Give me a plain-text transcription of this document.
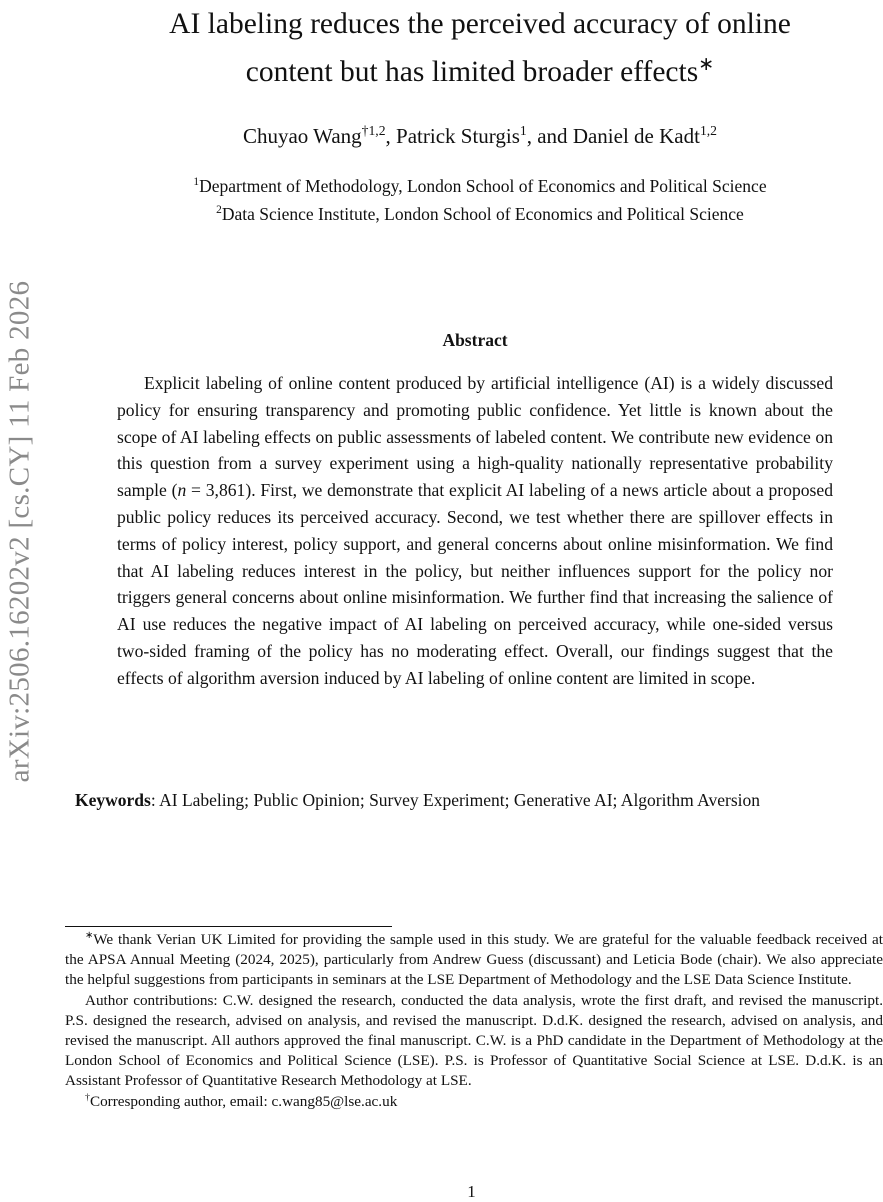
arXiv:2506.16202v2 [cs.CY] 11 Feb 2026
AI labeling reduces the perceived accuracy of online
content but has limited broader effects∗
Chuyao Wang$^{\dagger 1,2}$, Patrick Sturgis$^1$, and Daniel de Kadt$^{1,2}$
$^1$Department of Methodology, London School of Economics and Political Science
$^2$Data Science Institute, London School of Economics and Political Science
Abstract

Explicit labeling of online content produced by artificial intelligence (AI) is a widely discussed policy for ensuring transparency and promoting public confidence. Yet little is known about the scope of AI labeling effects on public assessments of labeled content. We contribute new evidence on this question from a survey experiment using a high-quality nationally representative probability sample (n = 3,861). First, we demonstrate that explicit AI labeling of a news article about a proposed public policy reduces its perceived accuracy. Second, we test whether there are spillover effects in terms of policy interest, policy support, and general concerns about online misinformation. We find that AI labeling reduces interest in the policy, but neither influences support for the policy nor triggers general concerns about online misinformation. We further find that increasing the salience of AI use reduces the negative impact of AI labeling on perceived accuracy, while one-sided versus two-sided framing of the policy has no moderating effect. Overall, our findings suggest that the effects of algorithm aversion induced by AI labeling of online content are limited in scope.

Keywords: AI Labeling; Public Opinion; Survey Experiment; Generative AI; Algorithm Aversion

∗We thank Verian UK Limited for providing the sample used in this study. We are grateful for the valuable feedback received at the APSA Annual Meeting (2024, 2025), particularly from Andrew Guess (discussant) and Leticia Bode (chair). We also appreciate the helpful suggestions from participants in seminars at the LSE Department of Methodology and the LSE Data Science Institute.

Author contributions: C.W. designed the research, conducted the data analysis, wrote the first draft, and revised the manuscript. P.S. designed the research, advised on analysis, and revised the manuscript. D.d.K. designed the research, advised on analysis, and revised the manuscript. All authors approved the final manuscript. C.W. is a PhD candidate in the Department of Methodology at the London School of Economics and Political Science (LSE). P.S. is Professor of Quantitative Social Science at LSE. D.d.K. is an Assistant Professor of Quantitative Research Methodology at LSE.

†Corresponding author, email: c.wang85@lse.ac.uk

1
